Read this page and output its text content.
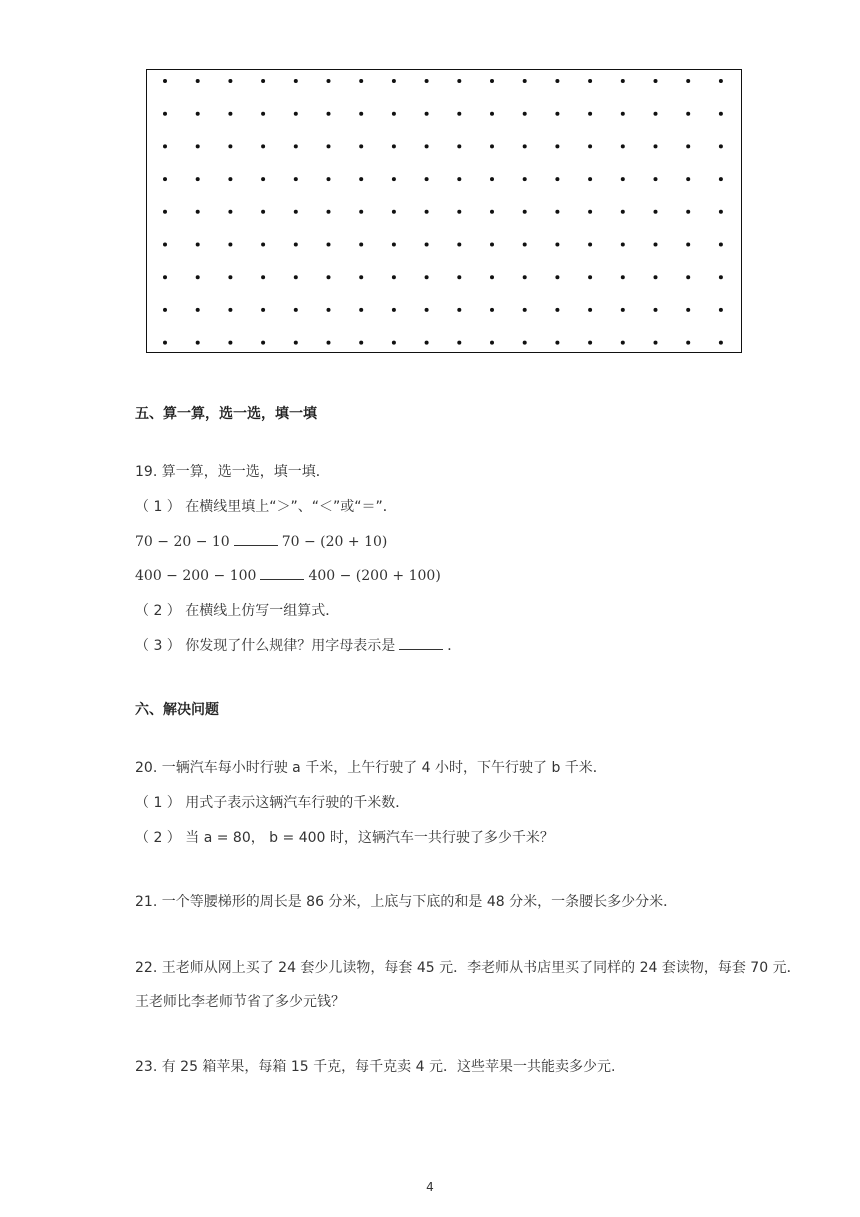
五、算一算，选一选，填一填
19. 算一算，选一选，填一填．
（ 1 ） 在横线里填上“＞”、“＜”或“＝”．
70 − 20 − 10	70 − (20 + 10)
400 − 200 − 100	400 − (200 + 100)
（ 2 ） 在横线上仿写一组算式．
（ 3 ） 你发现了什么规律？用字母表示是	．
六、解决问题
20. 一辆汽车每小时行驶 a 千米，上午行驶了 4 小时，下午行驶了 b 千米．
（ 1 ） 用式子表示这辆汽车行驶的千米数．
（ 2 ） 当 a = 80， b = 400 时，这辆汽车一共行驶了多少千米？
21. 一个等腰梯形的周长是 86 分米，上底与下底的和是 48 分米，一条腰长多少分米．
22. 王老师从网上买了 24 套少儿读物，每套 45 元．李老师从书店里买了同样的 24 套读物，每套 70 元．
王老师比李老师节省了多少元钱？
23. 有 25 箱苹果，每箱 15 千克，每千克卖 4 元．这些苹果一共能卖多少元.
4
